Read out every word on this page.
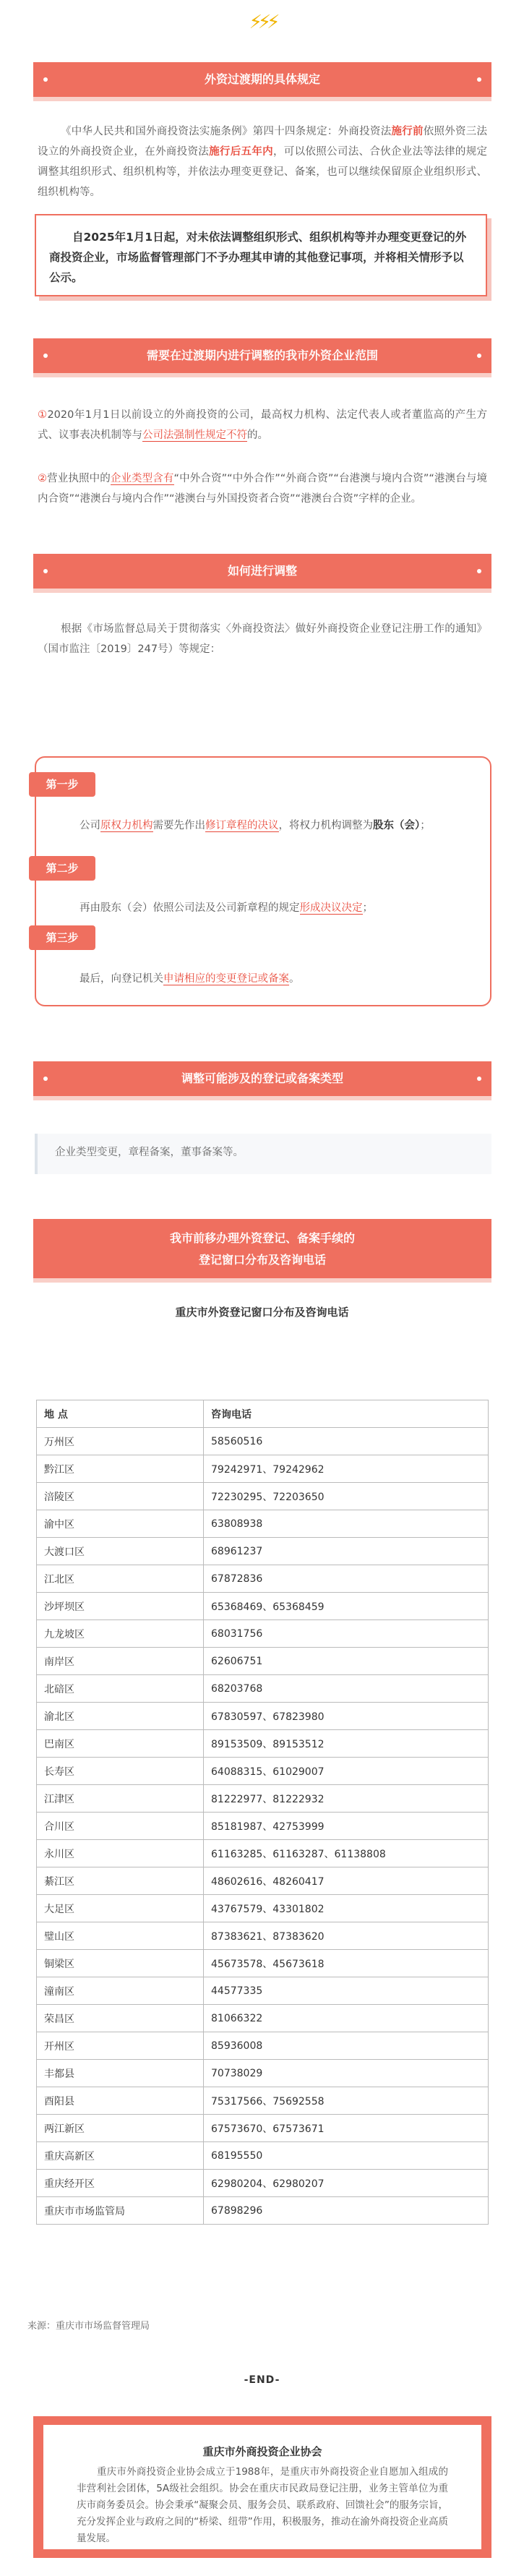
⚡⚡⚡
外资过渡期的具体规定
《中华人民共和国外商投资法实施条例》第四十四条规定：外商投资法施行前依照外资三法设立的外商投资企业，在外商投资法施行后五年内，可以依照公司法、合伙企业法等法律的规定调整其组织形式、组织机构等，并依法办理变更登记、备案，也可以继续保留原企业组织形式、组织机构等。
自2025年1月1日起，对未依法调整组织形式、组织机构等并办理变更登记的外商投资企业，市场监督管理部门不予办理其申请的其他登记事项，并将相关情形予以公示。
需要在过渡期内进行调整的我市外资企业范围
①2020年1月1日以前设立的外商投资的公司，最高权力机构、法定代表人或者董监高的产生方式、议事表决机制等与公司法强制性规定不符的。
②营业执照中的企业类型含有“中外合资”“中外合作”“外商合资”“台港澳与境内合资”“港澳台与境内合资”“港澳台与境内合作”“港澳台与外国投资者合资”“港澳台合资”字样的企业。
如何进行调整
根据《市场监督总局关于贯彻落实〈外商投资法〉做好外商投资企业登记注册工作的通知》（国市监注〔2019〕247号）等规定：
第一步
公司原权力机构需要先作出修订章程的决议，将权力机构调整为股东（会）；
第二步
再由股东（会）依照公司法及公司新章程的规定形成决议决定；
第三步
最后，向登记机关申请相应的变更登记或备案。
调整可能涉及的登记或备案类型
企业类型变更，章程备案，董事备案等。
我市前移办理外资登记、备案手续的
登记窗口分布及咨询电话
重庆市外资登记窗口分布及咨询电话
地 点	咨询电话
万州区	58560516
黔江区	79242971、79242962
涪陵区	72230295、72203650
渝中区	63808938
大渡口区	68961237
江北区	67872836
沙坪坝区	65368469、65368459
九龙坡区	68031756
南岸区	62606751
北碚区	68203768
渝北区	67830597、67823980
巴南区	89153509、89153512
长寿区	64088315、61029007
江津区	81222977、81222932
合川区	85181987、42753999
永川区	61163285、61163287、61138808
綦江区	48602616、48260417
大足区	43767579、43301802
璧山区	87383621、87383620
铜梁区	45673578、45673618
潼南区	44577335
荣昌区	81066322
开州区	85936008
丰都县	70738029
酉阳县	75317566、75692558
两江新区	67573670、67573671
重庆高新区	68195550
重庆经开区	62980204、62980207
重庆市市场监管局	67898296
来源：重庆市市场监督管理局
-END-
重庆市外商投资企业协会
重庆市外商投资企业协会成立于1988年，是重庆市外商投资企业自愿加入组成的非营利社会团体，5A级社会组织。协会在重庆市民政局登记注册，业务主管单位为重庆市商务委员会。协会秉承“凝聚会员、服务会员、联系政府、回馈社会”的服务宗旨，充分发挥企业与政府之间的“桥梁、纽带”作用，积极服务，推动在渝外商投资企业高质量发展。
